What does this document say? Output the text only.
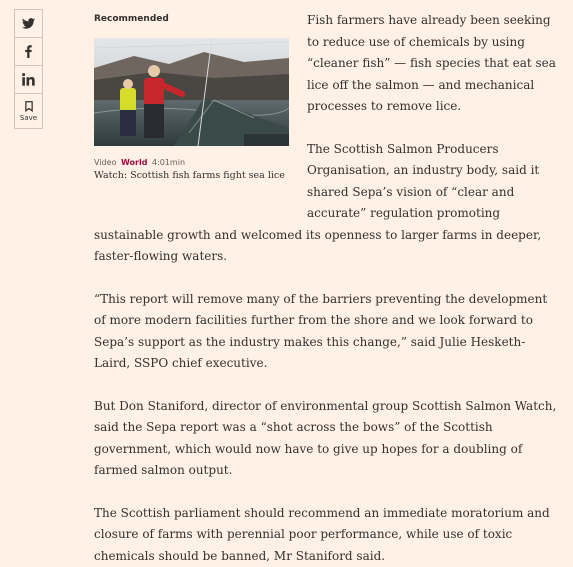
Save

Fish farmers have already been seeking to reduce use of chemicals by using “cleaner fish” — fish species that eat sea lice off the salmon — and mechanical processes to remove lice.

The Scottish Salmon Producers Organisation, an industry body, said it shared Sepa’s vision of “clear and accurate” regulation promoting sustainable growth and welcomed its openness to larger farms in deeper, faster-flowing waters.

“This report will remove many of the barriers preventing the development of more modern facilities further from the shore and we look forward to Sepa’s support as the industry makes this change,” said Julie Hesketh-Laird, SSPO chief executive.

But Don Staniford, director of environmental group Scottish Salmon Watch, said the Sepa report was a “shot across the bows” of the Scottish government, which would now have to give up hopes for a doubling of farmed salmon output.

The Scottish parliament should recommend an immediate moratorium and closure of farms with perennial poor performance, while use of toxic chemicals should be banned, Mr Staniford said.

Recommended
Video World 4:01min
Watch: Scottish fish farms fight sea lice
